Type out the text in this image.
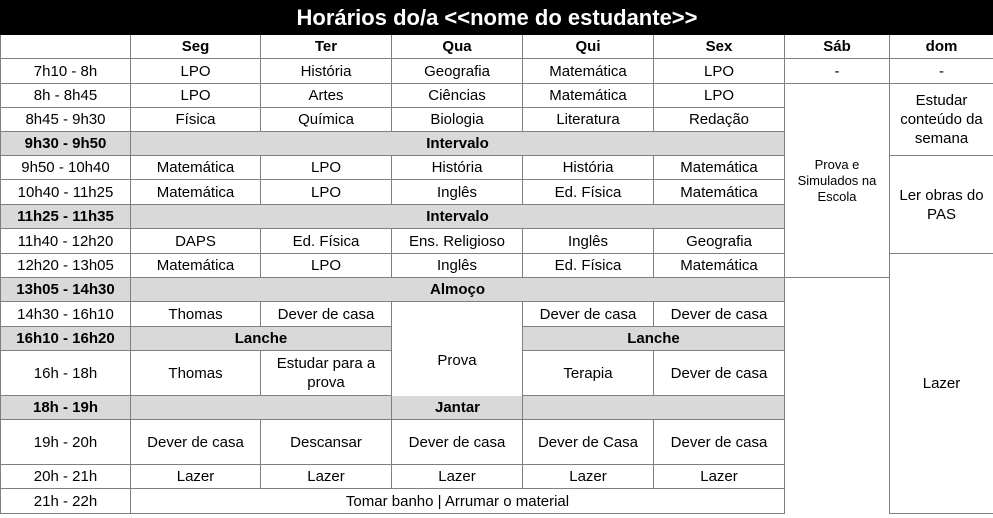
Horários do/a <<nome do estudante>>								
	Seg	Ter	Qua	Qui	Sex	Sáb	dom	
7h10 - 8h	LPO	História	Geografia	Matemática	LPO	-	-	
8h - 8h45	LPO	Artes	Ciências	Matemática	LPO	Prova e Simulados na Escola	Estudar conteúdo da semana	
8h45 - 9h30	Física	Química	Biologia	Literatura	Redação			
9h30 - 9h50	Intervalo							
9h50 - 10h40	Matemática	LPO	História	História	Matemática		Ler obras do PAS	
10h40 - 11h25	Matemática	LPO	Inglês	Ed. Física	Matemática			
11h25 - 11h35	Intervalo							
11h40 - 12h20	DAPS	Ed. Física	Ens. Religioso	Inglês	Geografia			
12h20 - 13h05	Matemática	LPO	Inglês	Ed. Física	Matemática		Lazer	
13h05 - 14h30	Almoço							
14h30 - 16h10	Thomas	Dever de casa	Prova	Dever de casa	Dever de casa			
16h10 - 16h20	Lanche			Lanche				
16h - 18h	Thomas	Estudar para a prova		Terapia	Dever de casa			
18h - 19h	Jantar							
19h - 20h	Dever de casa	Descansar	Dever de casa	Dever de Casa	Dever de casa			
20h - 21h	Lazer	Lazer	Lazer	Lazer	Lazer			
21h - 22h	Tomar banho | Arrumar o material							
